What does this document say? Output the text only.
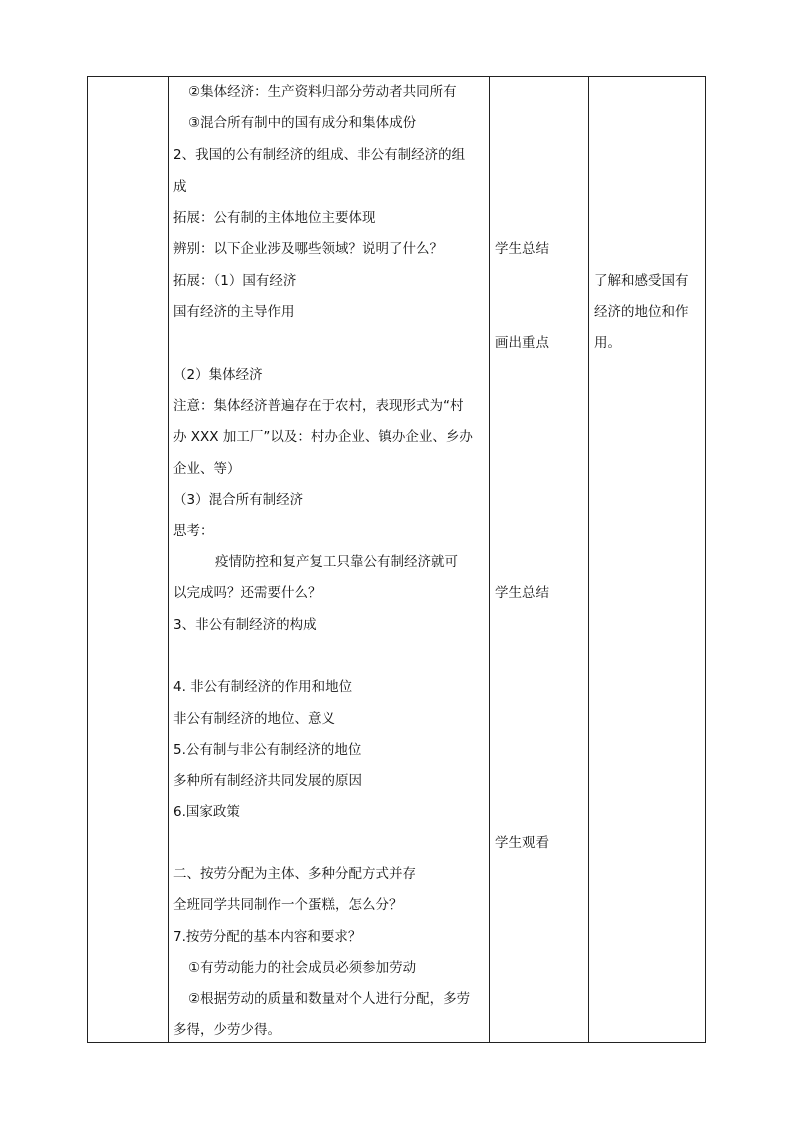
②集体经济：生产资料归部分劳动者共同所有
③混合所有制中的国有成分和集体成份
2、我国的公有制经济的组成、非公有制经济的组
成
拓展：公有制的主体地位主要体现
辨别：以下企业涉及哪些领域？说明了什么？
拓展：（1）国有经济
国有经济的主导作用
（2）集体经济
注意：集体经济普遍存在于农村，表现形式为“村
办 XXX 加工厂”以及：村办企业、镇办企业、乡办
企业、等）
（3）混合所有制经济
思考：
疫情防控和复产复工只靠公有制经济就可
以完成吗？还需要什么？
3、非公有制经济的构成
4. 非公有制经济的作用和地位
非公有制经济的地位、意义
5.公有制与非公有制经济的地位
多种所有制经济共同发展的原因
6.国家政策
二、按劳分配为主体、多种分配方式并存
全班同学共同制作一个蛋糕，怎么分？
7.按劳分配的基本内容和要求？
①有劳动能力的社会成员必须参加劳动
②根据劳动的质量和数量对个人进行分配，多劳
多得，少劳少得。
学生总结
画出重点
学生总结
学生观看
了解和感受国有
经济的地位和作
用。
